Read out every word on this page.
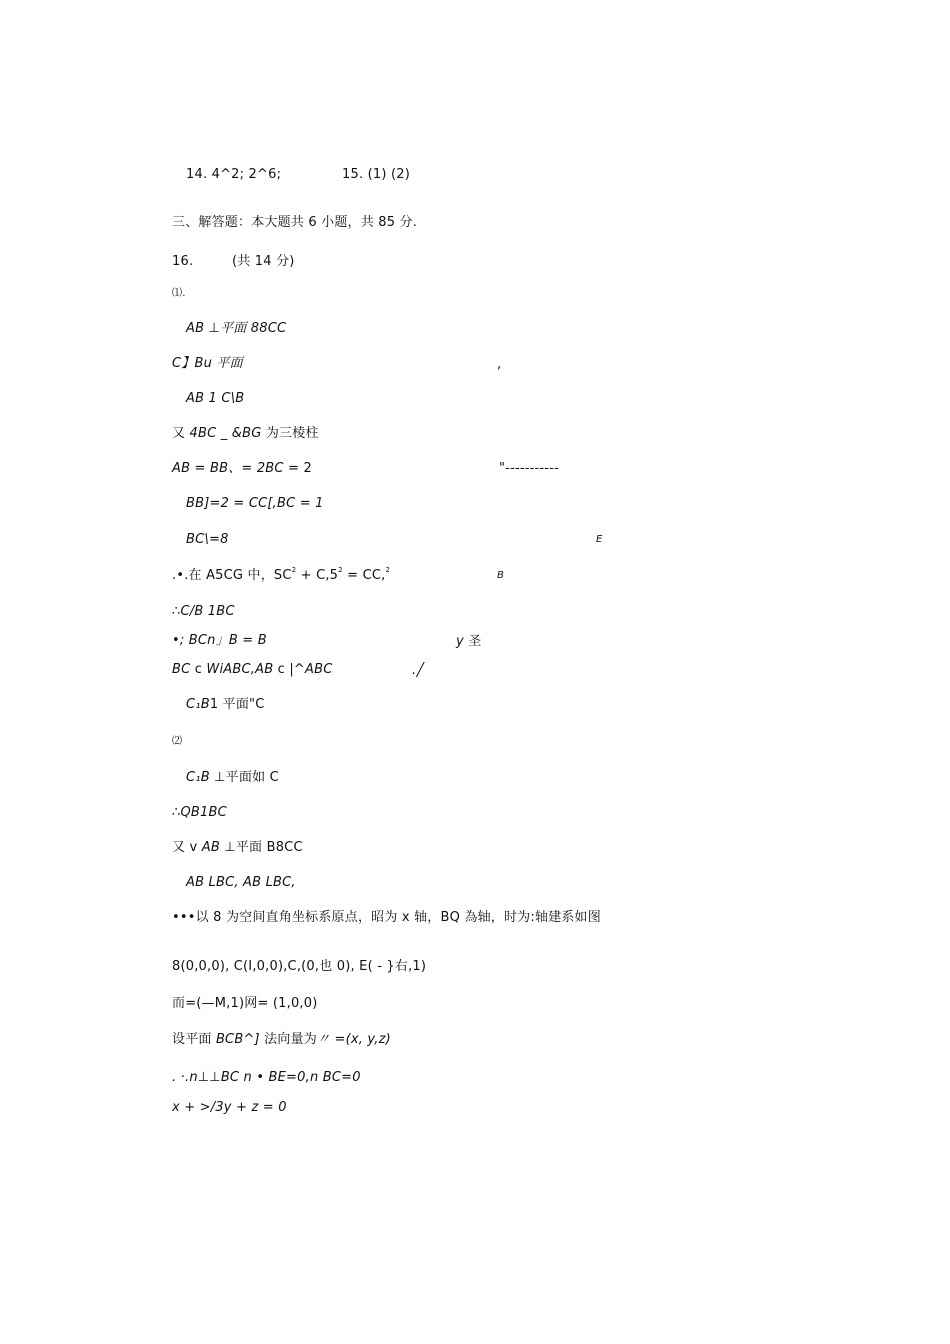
14. 4^2; 2^6;	15. (1) (2)
三、解答题：本大题共 6 小题，共 85 分.
16.	(共 14 分)
⑴.
AB ⊥平面 88CC
C】Bu 平面	,
AB 1 C\B
又 4BC _ &BG 为三棱柱
AB = BB、= 2BC = 2	"-----------
BB]=2 = CC[,BC = 1
BC\=8	E
.•.在 A5CG 中，$SC^2 + C,5^2 = CC,^2$	B
∴C/B 1BC
•; BCn」B = B	y 圣
BC c WiABC,AB c |^ABC	.╱
C₁B1 平面"C
⑵
C₁B ⊥平面如 C
∴QB1BC
又 v AB ⊥平面 B8CC
AB LBC, AB LBC,
•••以 8 为空间直角坐标系原点，昭为 x 轴，BQ 為轴，时为:轴建系如图
8(0,0,0), C(I,0,0),C,(0,也 0), E( - }右,1)
而=(—M,1)网= (1,0,0)
设平面 BCB^] 法向量为〃 =(x, y,z)
. ·.n⊥⊥BC n • BE=0,n BC=0
x + >/3y + z = 0
